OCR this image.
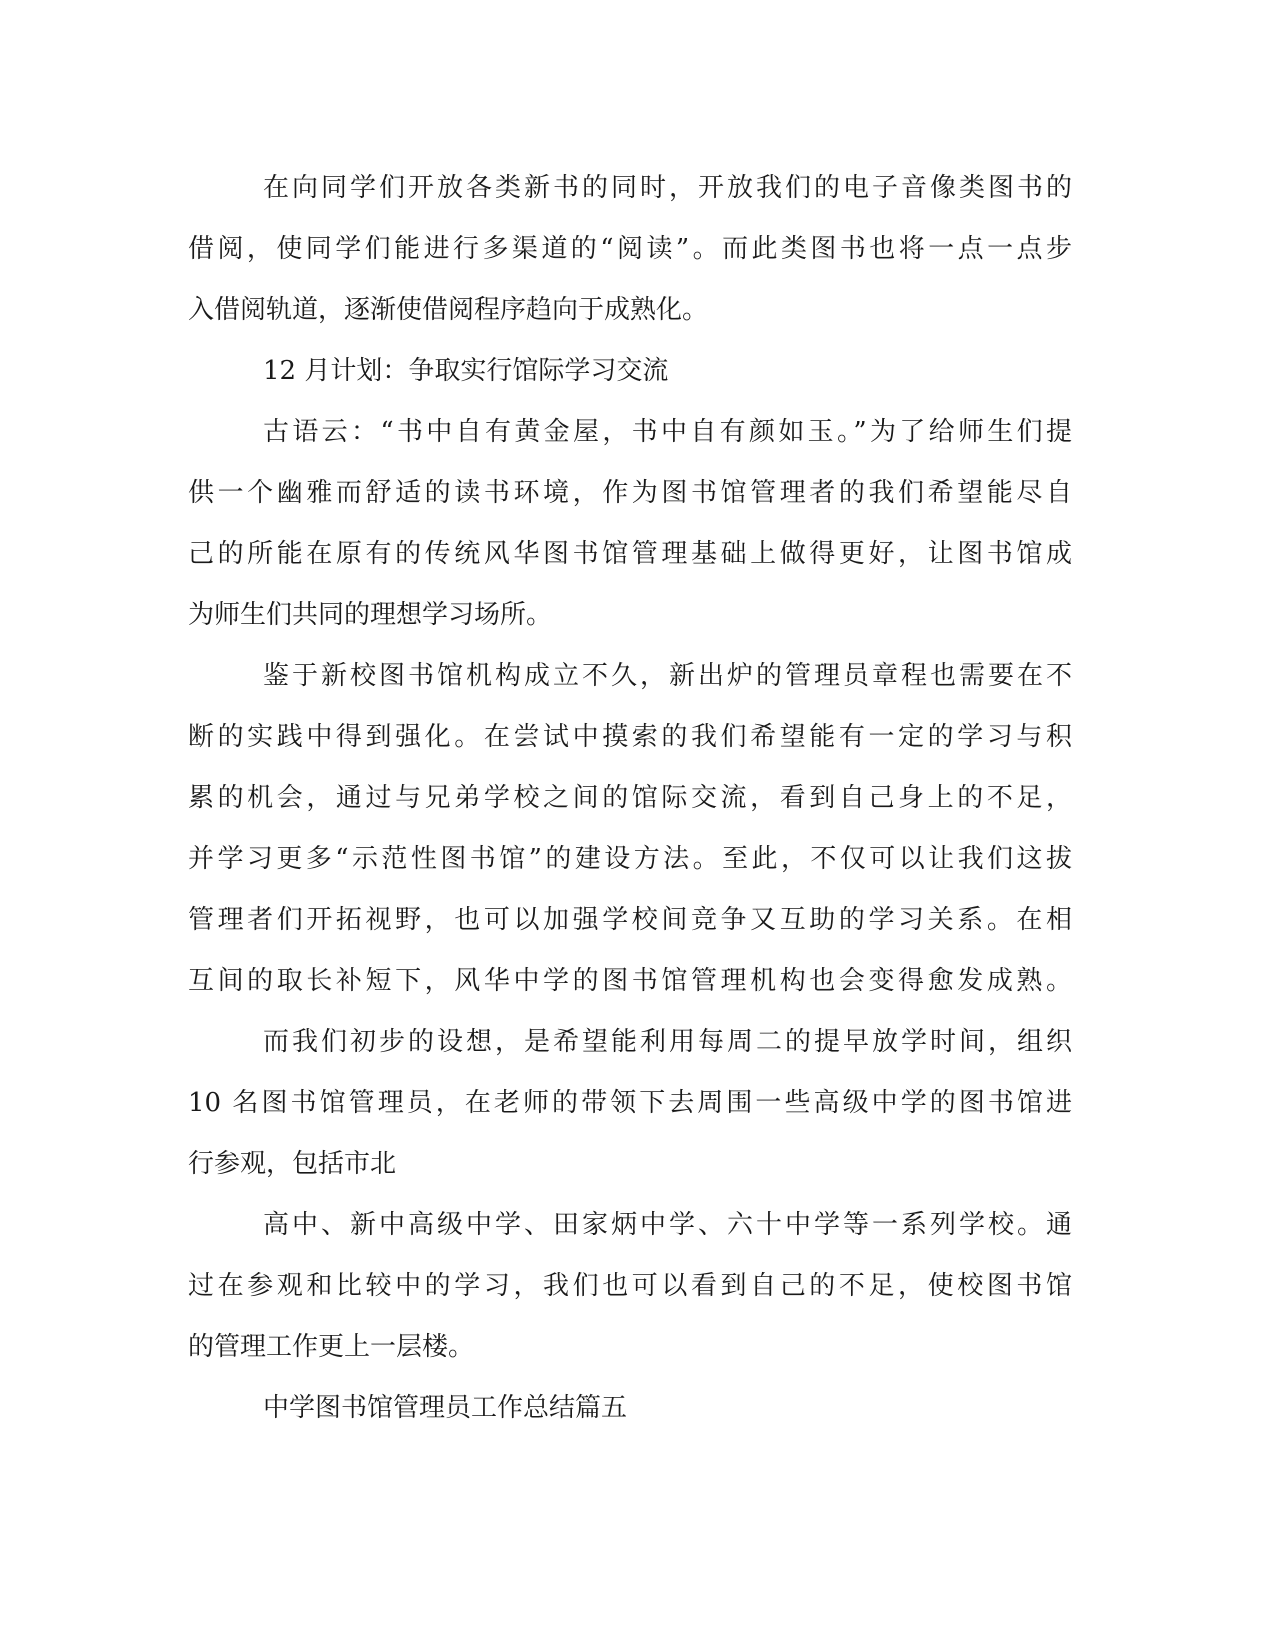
在向同学们开放各类新书的同时，开放我们的电子音像类图书的
借阅，使同学们能进行多渠道的“阅读”。而此类图书也将一点一点步
入借阅轨道，逐渐使借阅程序趋向于成熟化。
12 月计划：争取实行馆际学习交流
古语云：“书中自有黄金屋，书中自有颜如玉。”为了给师生们提
供一个幽雅而舒适的读书环境，作为图书馆管理者的我们希望能尽自
己的所能在原有的传统风华图书馆管理基础上做得更好，让图书馆成
为师生们共同的理想学习场所。
鉴于新校图书馆机构成立不久，新出炉的管理员章程也需要在不
断的实践中得到强化。在尝试中摸索的我们希望能有一定的学习与积
累的机会，通过与兄弟学校之间的馆际交流，看到自己身上的不足，
并学习更多“示范性图书馆”的建设方法。至此，不仅可以让我们这拔
管理者们开拓视野，也可以加强学校间竞争又互助的学习关系。在相
互间的取长补短下，风华中学的图书馆管理机构也会变得愈发成熟。
而我们初步的设想，是希望能利用每周二的提早放学时间，组织
10 名图书馆管理员，在老师的带领下去周围一些高级中学的图书馆进
行参观，包括市北
高中、新中高级中学、田家炳中学、六十中学等一系列学校。通
过在参观和比较中的学习，我们也可以看到自己的不足，使校图书馆
的管理工作更上一层楼。
中学图书馆管理员工作总结篇五
